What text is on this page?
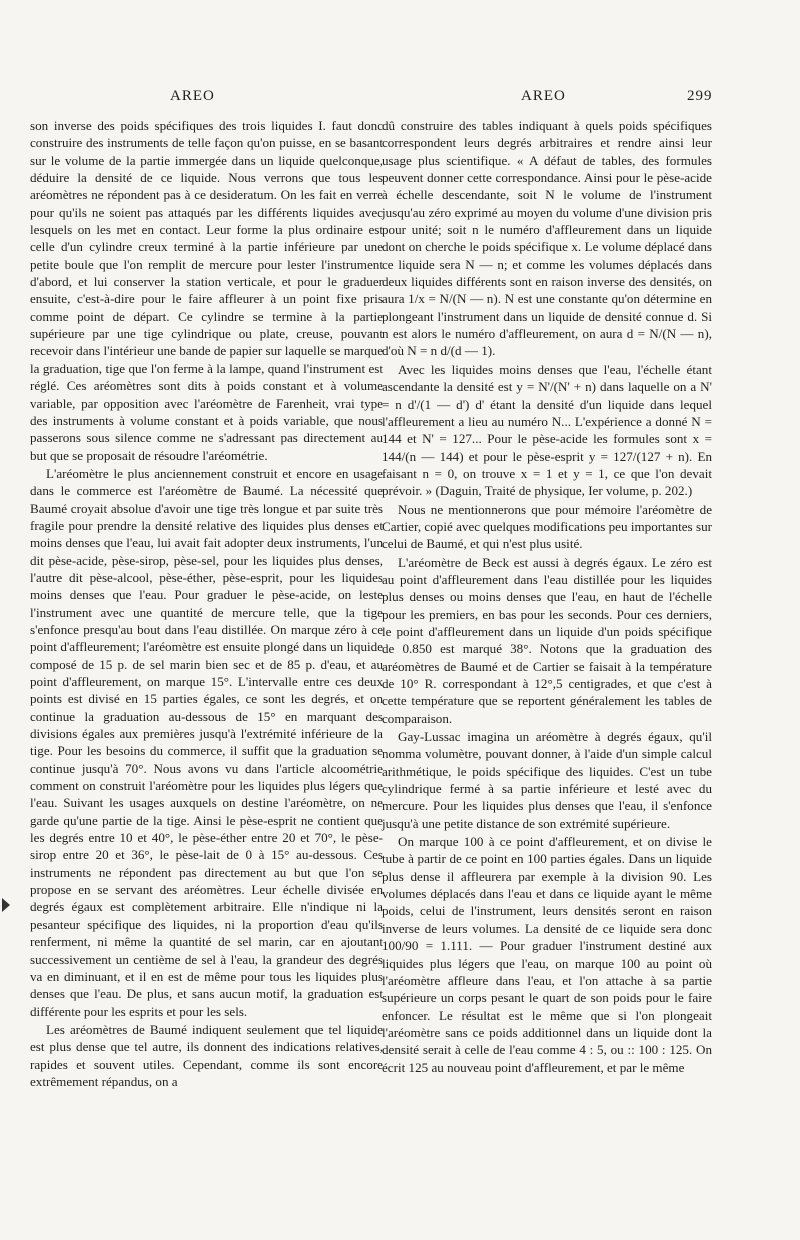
AREO	AREO	299

son inverse des poids spécifiques des trois liquides I. faut donc construire des instruments de telle façon qu'on puisse, en se basant sur le volume de la partie immergée dans un liquide quelconque, déduire la densité de ce liquide. Nous verrons que tous les aréomètres ne répondent pas à ce desideratum. On les fait en verre pour qu'ils ne soient pas attaqués par les différents liquides avec lesquels on les met en contact. Leur forme la plus ordinaire est celle d'un cylindre creux terminé à la partie inférieure par une petite boule que l'on remplit de mercure pour lester l'instrument d'abord, et lui conserver la station verticale, et pour le graduer ensuite, c'est-à-dire pour le faire affleurer à un point fixe pris comme point de départ. Ce cylindre se termine à la partie supérieure par une tige cylindrique ou plate, creuse, pouvant recevoir dans l'intérieur une bande de papier sur laquelle se marque la graduation, tige que l'on ferme à la lampe, quand l'instrument est réglé. Ces aréomètres sont dits à poids constant et à volume variable, par opposition avec l'aréomètre de Farenheit, vrai type des instruments à volume constant et à poids variable, que nous passerons sous silence comme ne s'adressant pas directement au but que se proposait de résoudre l'aréométrie.

L'aréomètre le plus anciennement construit et encore en usage dans le commerce est l'aréomètre de Baumé. La nécessité que Baumé croyait absolue d'avoir une tige très longue et par suite très fragile pour prendre la densité relative des liquides plus denses et moins denses que l'eau, lui avait fait adopter deux instruments, l'un dit pèse-acide, pèse-sirop, pèse-sel, pour les liquides plus denses, l'autre dit pèse-alcool, pèse-éther, pèse-esprit, pour les liquides moins denses que l'eau. Pour graduer le pèse-acide, on leste l'instrument avec une quantité de mercure telle, que la tige s'enfonce presqu'au bout dans l'eau distillée. On marque zéro à ce point d'affleurement; l'aréomètre est ensuite plongé dans un liquide composé de 15 p. de sel marin bien sec et de 85 p. d'eau, et au point d'affleurement, on marque 15°. L'intervalle entre ces deux points est divisé en 15 parties égales, ce sont les degrés, et on continue la graduation au-dessous de 15° en marquant des divisions égales aux premières jusqu'à l'extrémité inférieure de la tige. Pour les besoins du commerce, il suffit que la graduation se continue jusqu'à 70°. Nous avons vu dans l'article alcoométrie comment on construit l'aréomètre pour les liquides plus légers que l'eau. Suivant les usages auxquels on destine l'aréomètre, on ne garde qu'une partie de la tige. Ainsi le pèse-esprit ne contient que les degrés entre 10 et 40°, le pèse-éther entre 20 et 70°, le pèse-sirop entre 20 et 36°, le pèse-lait de 0 à 15° au-dessous. Ces instruments ne répondent pas directement au but que l'on se propose en se servant des aréomètres. Leur échelle divisée en degrés égaux est complètement arbitraire. Elle n'indique ni la pesanteur spécifique des liquides, ni la proportion d'eau qu'ils renferment, ni même la quantité de sel marin, car en ajoutant successivement un centième de sel à l'eau, la grandeur des degrés va en diminuant, et il en est de même pour tous les liquides plus denses que l'eau. De plus, et sans aucun motif, la graduation est différente pour les esprits et pour les sels.

Les aréomètres de Baumé indiquent seulement que tel liquide est plus dense que tel autre, ils donnent des indications relatives, rapides et souvent utiles. Cependant, comme ils sont encore extrêmement répandus, on a

dû construire des tables indiquant à quels poids spécifiques correspondent leurs degrés arbitraires et rendre ainsi leur usage plus scientifique. « A défaut de tables, des formules peuvent donner cette correspondance. Ainsi pour le pèse-acide à échelle descendante, soit N le volume de l'instrument jusqu'au zéro exprimé au moyen du volume d'une division pris pour unité; soit n le numéro d'affleurement dans un liquide dont on cherche le poids spécifique x. Le volume déplacé dans ce liquide sera N — n; et comme les volumes déplacés dans deux liquides différents sont en raison inverse des densités, on aura 1/x = N/(N — n). N est une constante qu'on détermine en plongeant l'instrument dans un liquide de densité connue d. Si n est alors le numéro d'affleurement, on aura d = N/(N — n), d'où N = n d/(d — 1).

Avec les liquides moins denses que l'eau, l'échelle étant ascendante la densité est y = N'/(N' + n) dans laquelle on a N' = n d'/(1 — d') d' étant la densité d'un liquide dans lequel l'affleurement a lieu au numéro N... L'expérience a donné N = 144 et N' = 127... Pour le pèse-acide les formules sont x = 144/(n — 144) et pour le pèse-esprit y = 127/(127 + n). En faisant n = 0, on trouve x = 1 et y = 1, ce que l'on devait prévoir. » (Daguin, Traité de physique, Ier volume, p. 202.)

Nous ne mentionnerons que pour mémoire l'aréomètre de Cartier, copié avec quelques modifications peu importantes sur celui de Baumé, et qui n'est plus usité.

L'aréomètre de Beck est aussi à degrés égaux. Le zéro est au point d'affleurement dans l'eau distillée pour les liquides plus denses ou moins denses que l'eau, en haut de l'échelle pour les premiers, en bas pour les seconds. Pour ces derniers, le point d'affleurement dans un liquide d'un poids spécifique de 0.850 est marqué 38°. Notons que la graduation des aréomètres de Baumé et de Cartier se faisait à la température de 10° R. correspondant à 12°,5 centigrades, et que c'est à cette température que se reportent généralement les tables de comparaison.

Gay-Lussac imagina un aréomètre à degrés égaux, qu'il nomma volumètre, pouvant donner, à l'aide d'un simple calcul arithmétique, le poids spécifique des liquides. C'est un tube cylindrique fermé à sa partie inférieure et lesté avec du mercure. Pour les liquides plus denses que l'eau, il s'enfonce jusqu'à une petite distance de son extrémité supérieure.

On marque 100 à ce point d'affleurement, et on divise le tube à partir de ce point en 100 parties égales. Dans un liquide plus dense il affleurera par exemple à la division 90. Les volumes déplacés dans l'eau et dans ce liquide ayant le même poids, celui de l'instrument, leurs densités seront en raison inverse de leurs volumes. La densité de ce liquide sera donc 100/90 = 1.111. — Pour graduer l'instrument destiné aux liquides plus légers que l'eau, on marque 100 au point où l'aréomètre affleure dans l'eau, et l'on attache à sa partie supérieure un corps pesant le quart de son poids pour le faire enfoncer. Le résultat est le même que si l'on plongeait l'aréomètre sans ce poids additionnel dans un liquide dont la densité serait à celle de l'eau comme 4 : 5, ou :: 100 : 125. On écrit 125 au nouveau point d'affleurement, et par le même
